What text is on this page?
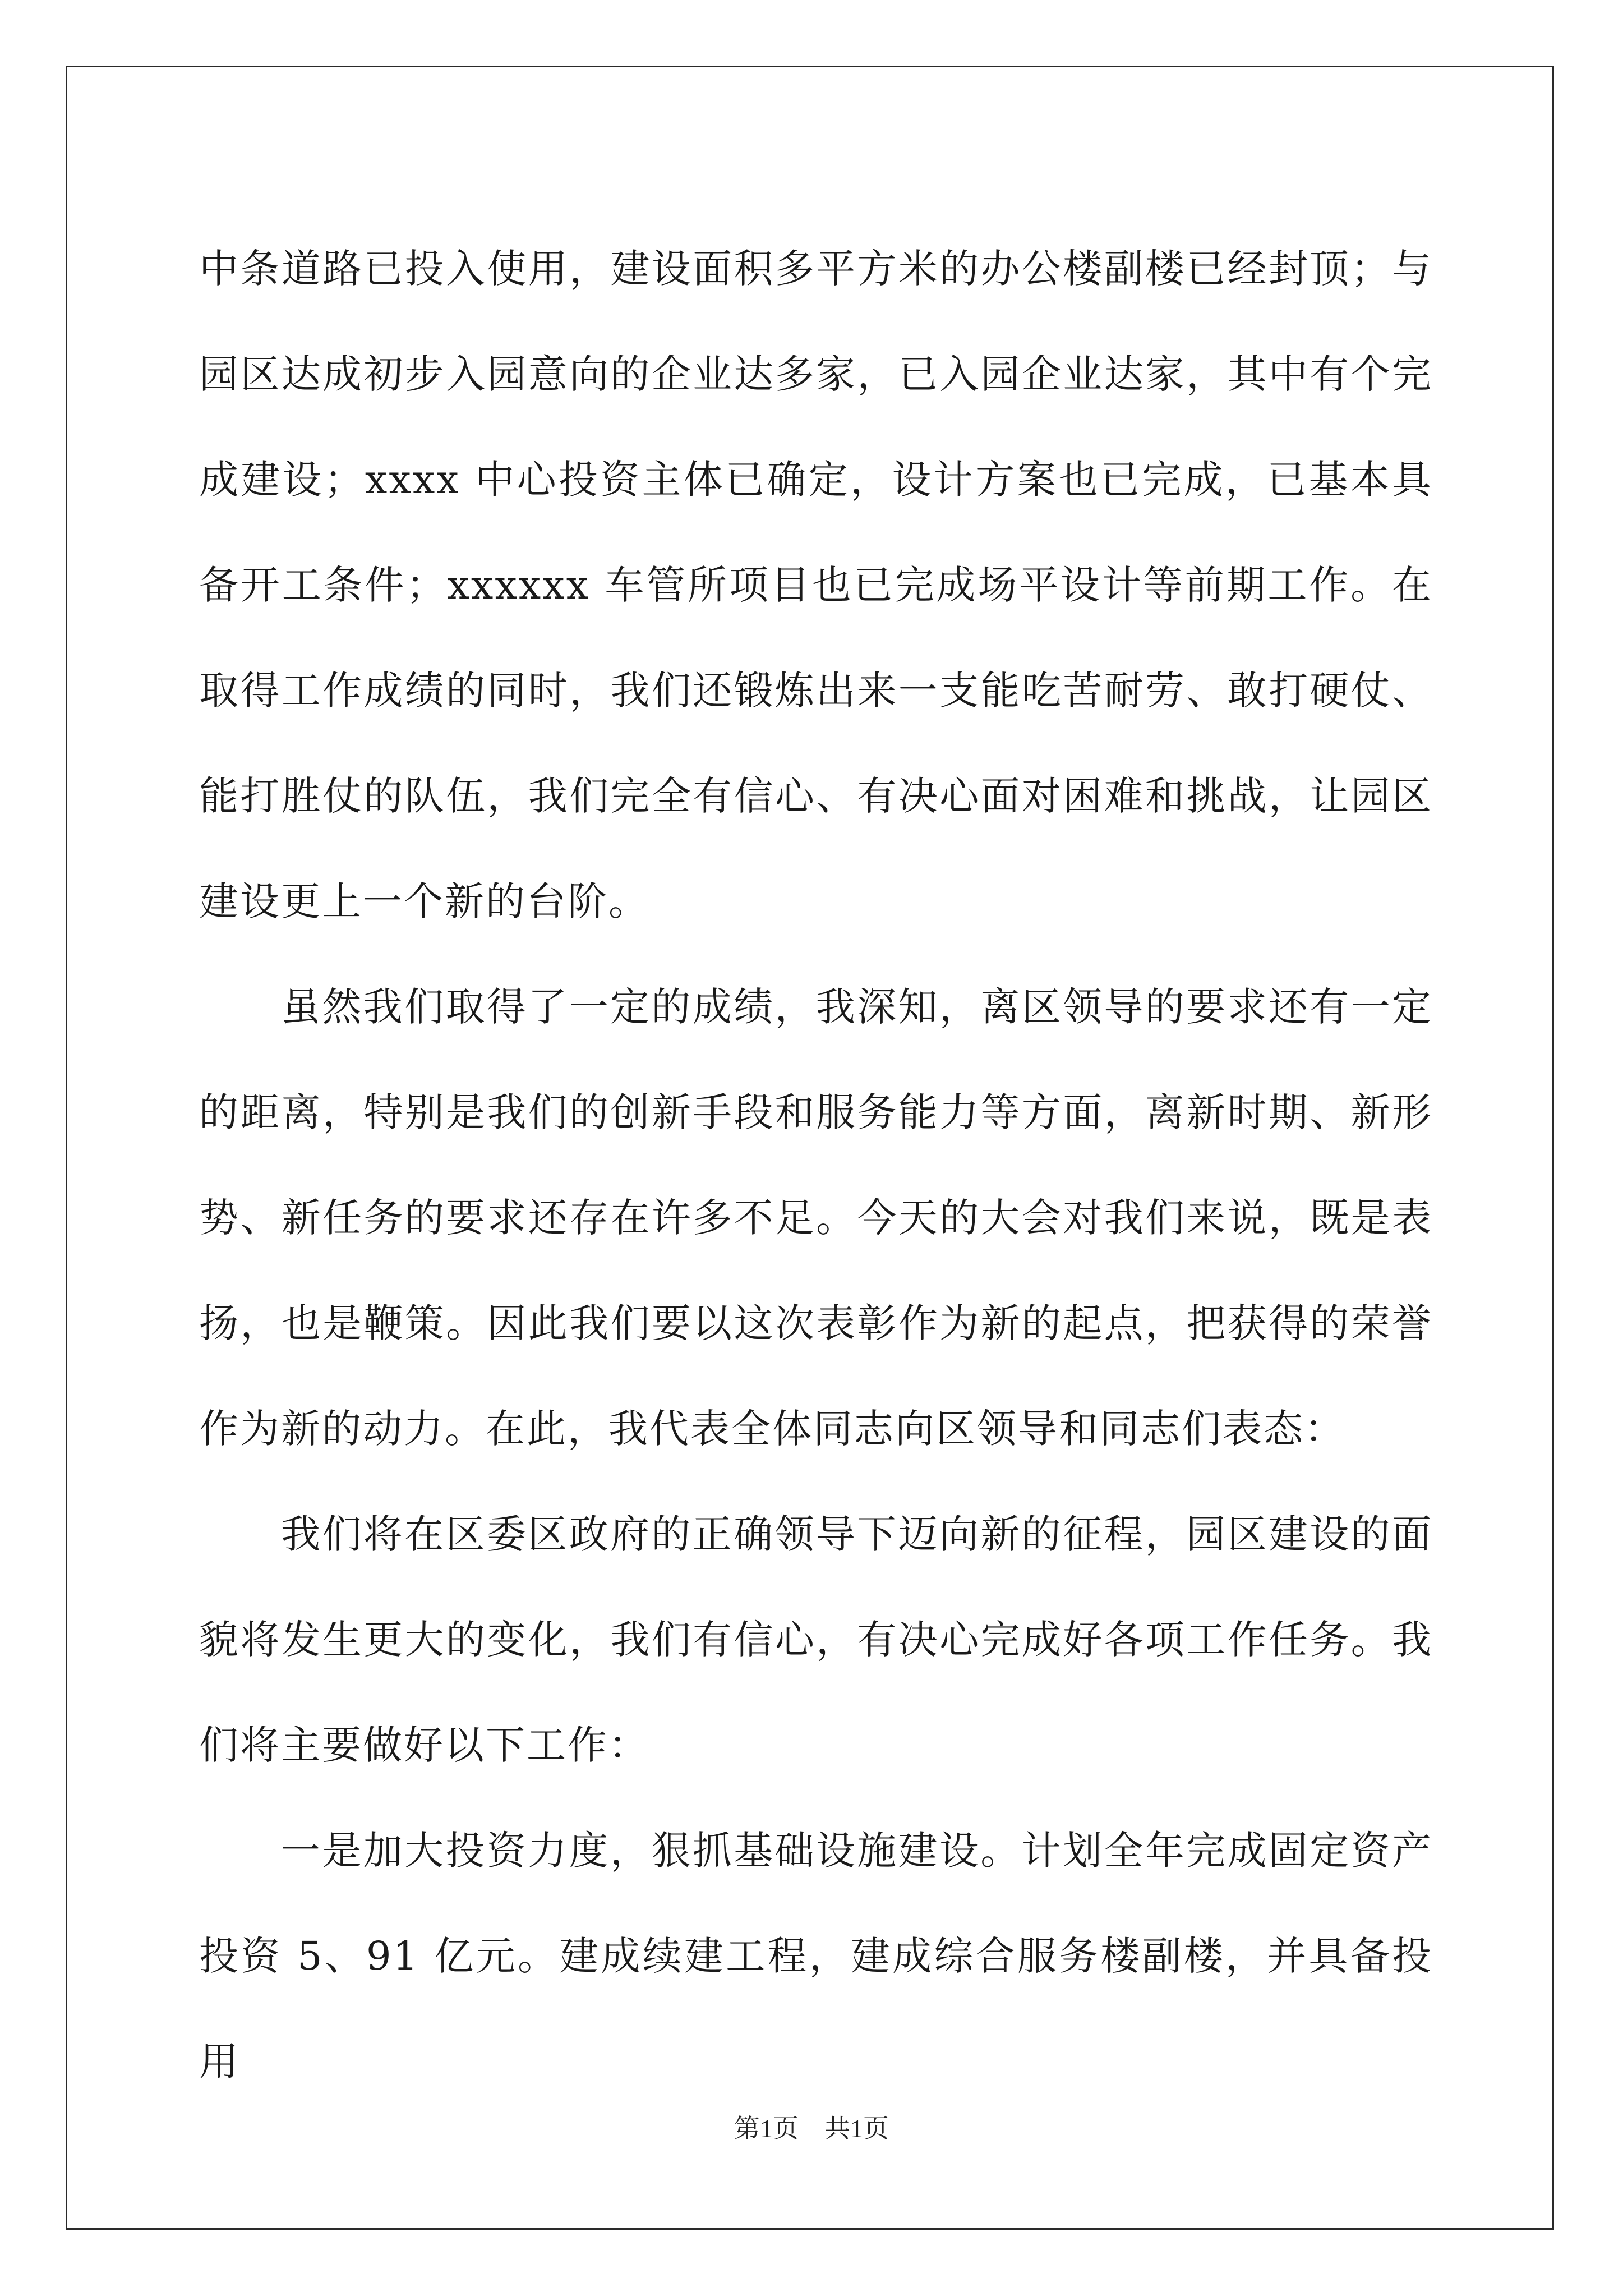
中条道路已投入使用，建设面积多平方米的办公楼副楼已经封顶；与园区达成初步入园意向的企业达多家，已入园企业达家，其中有个完成建设；xxxx 中心投资主体已确定，设计方案也已完成，已基本具备开工条件；xxxxxx 车管所项目也已完成场平设计等前期工作。在取得工作成绩的同时，我们还锻炼出来一支能吃苦耐劳、敢打硬仗、能打胜仗的队伍，我们完全有信心、有决心面对困难和挑战，让园区建设更上一个新的台阶。

虽然我们取得了一定的成绩，我深知，离区领导的要求还有一定的距离，特别是我们的创新手段和服务能力等方面，离新时期、新形势、新任务的要求还存在许多不足。今天的大会对我们来说，既是表扬，也是鞭策。因此我们要以这次表彰作为新的起点，把获得的荣誉作为新的动力。在此，我代表全体同志向区领导和同志们表态：

我们将在区委区政府的正确领导下迈向新的征程，园区建设的面貌将发生更大的变化，我们有信心，有决心完成好各项工作任务。我们将主要做好以下工作：

一是加大投资力度，狠抓基础设施建设。计划全年完成固定资产投资 5、91 亿元。建成续建工程，建成综合服务楼副楼，并具备投用

第1页　共1页
